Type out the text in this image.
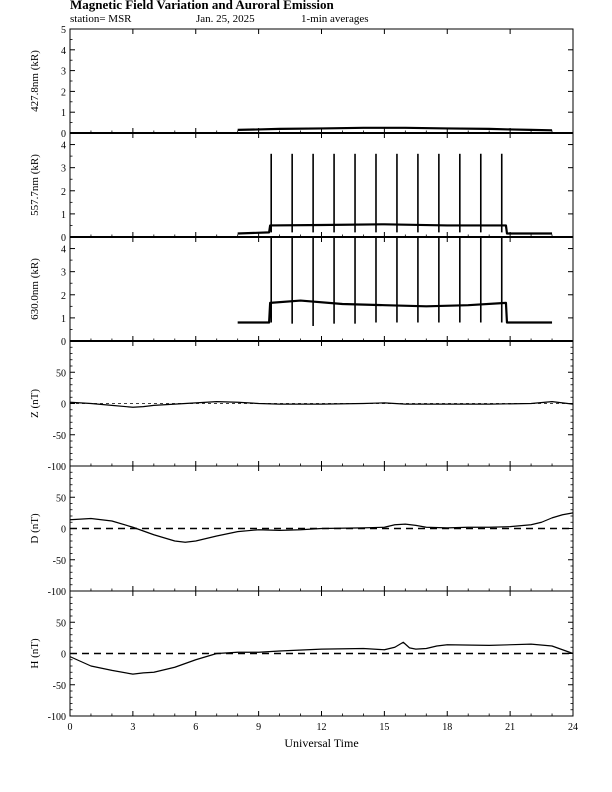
Magnetic Field Variation and Auroral Emission
station= MSR	Jan. 25, 2025	1-min averages
0
1
2
3
4
5
427.8nm (kR)
0
1
2
3
4
557.7nm (kR)
0
1
2
3
4
630.0nm (kR)
-100
-50
0
50
Z (nT)
-100
-50
0
50
D (nT)
-100
-50
0
50
H (nT)
0	3	6	9	12	15	18	21	24
Universal Time
